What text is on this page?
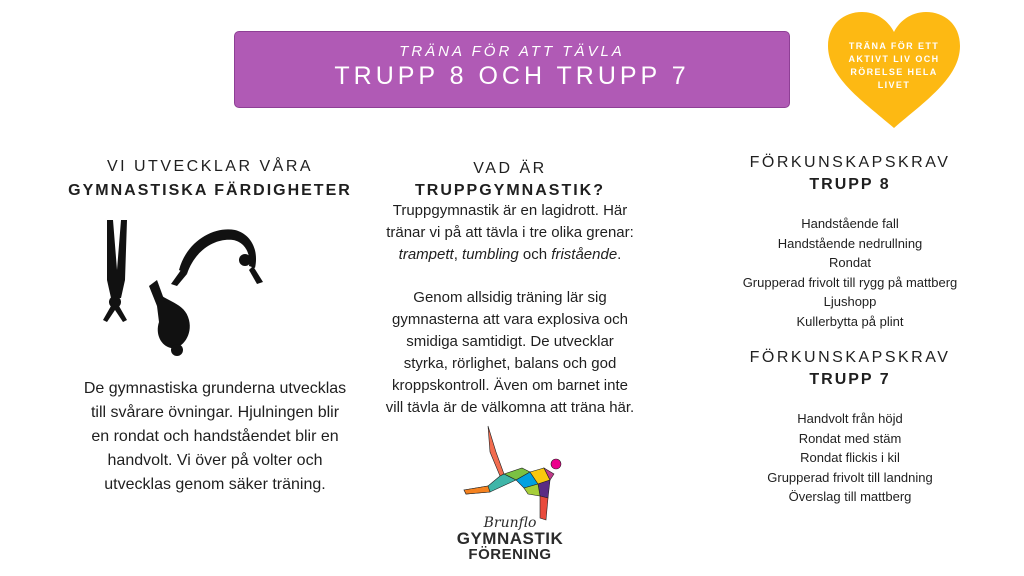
TRÄNA FÖR ATT TÄVLA
TRUPP 8 OCH TRUPP 7
TRÄNA FÖR ETT
AKTIVT LIV OCH
RÖRELSE HELA
LIVET
VI UTVECKLAR VÅRA
GYMNASTISKA FÄRDIGHETER
De gymnastiska grunderna utvecklas
till svårare övningar. Hjulningen blir
en rondat och handståendet blir en
handvolt. Vi över på volter och
utvecklas genom säker träning.
VAD ÄR
TRUPPGYMNASTIK?
Truppgymnastik är en lagidrott. Här
tränar vi på att tävla i tre olika grenar:
trampett, tumbling och fristående.
Genom allsidig träning lär sig
gymnasterna att vara explosiva och
smidiga samtidigt. De utvecklar
styrka, rörlighet, balans och god
kroppskontroll. Även om barnet inte
vill tävla är de välkomna att träna här.
Brunflo
GYMNASTIK
FÖRENING
FÖRKUNSKAPSKRAV
TRUPP 8
Handstående fall
Handstående nedrullning
Rondat
Grupperad frivolt till rygg på mattberg
Ljushopp
Kullerbytta på plint
FÖRKUNSKAPSKRAV
TRUPP 7
Handvolt från höjd
Rondat med stäm
Rondat flickis i kil
Grupperad frivolt till landning
Överslag till mattberg
